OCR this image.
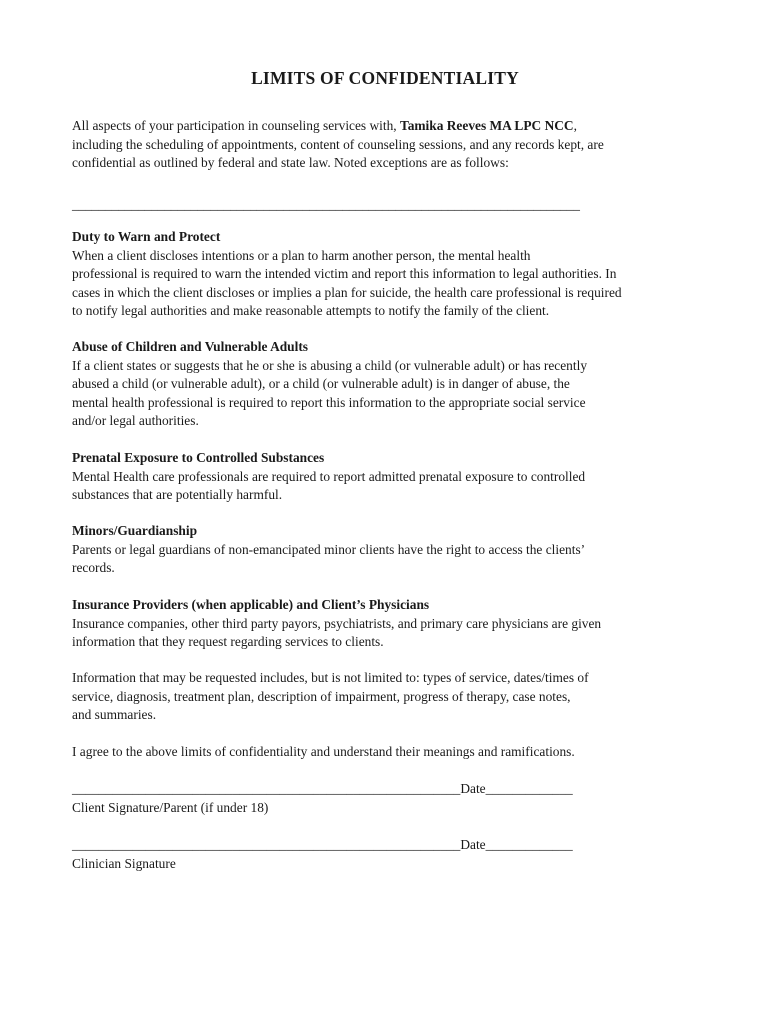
LIMITS OF CONFIDENTIALITY
All aspects of your participation in counseling services with, Tamika Reeves MA LPC NCC,
including the scheduling of appointments, content of counseling sessions, and any records kept, are
confidential as outlined by federal and state law. Noted exceptions are as follows:
_____________________________________________________________________________
Duty to Warn and Protect
When a client discloses intentions or a plan to harm another person, the mental health
professional is required to warn the intended victim and report this information to legal authorities. In
cases in which the client discloses or implies a plan for suicide, the health care professional is required
to notify legal authorities and make reasonable attempts to notify the family of the client.
Abuse of Children and Vulnerable Adults
If a client states or suggests that he or she is abusing a child (or vulnerable adult) or has recently
abused a child (or vulnerable adult), or a child (or vulnerable adult) is in danger of abuse, the
mental health professional is required to report this information to the appropriate social service
and/or legal authorities.
Prenatal Exposure to Controlled Substances
Mental Health care professionals are required to report admitted prenatal exposure to controlled
substances that are potentially harmful.
Minors/Guardianship
Parents or legal guardians of non-emancipated minor clients have the right to access the clients’
records.
Insurance Providers (when applicable) and Client’s Physicians
Insurance companies, other third party payors, psychiatrists, and primary care physicians are given
information that they request regarding services to clients.
Information that may be requested includes, but is not limited to: types of service, dates/times of
service, diagnosis, treatment plan, description of impairment, progress of therapy, case notes,
and summaries.
I agree to the above limits of confidentiality and understand their meanings and ramifications.
__________________________________________________________Date_____________
Client Signature/Parent (if under 18)
__________________________________________________________Date_____________
Clinician Signature
